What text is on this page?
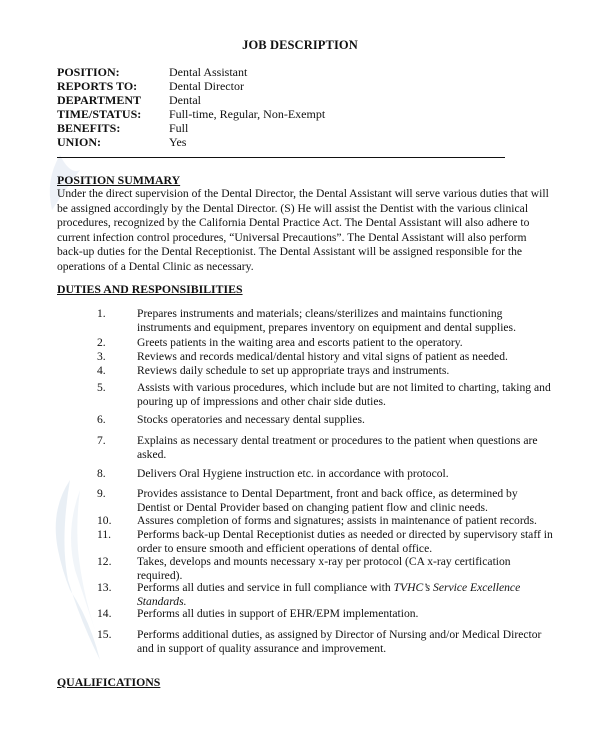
JOB DESCRIPTION
POSITION:	Dental Assistant
REPORTS TO:	Dental Director
DEPARTMENT Dental
TIME/STATUS: Full-time, Regular, Non-Exempt
BENEFITS:	Full
UNION:	Yes
POSITION SUMMARY
Under the direct supervision of the Dental Director, the Dental Assistant will serve various duties that will
be assigned accordingly by the Dental Director. (S) He will assist the Dentist with the various clinical
procedures, recognized by the California Dental Practice Act. The Dental Assistant will also adhere to
current infection control procedures, “Universal Precautions”. The Dental Assistant will also perform
back-up duties for the Dental Receptionist. The Dental Assistant will be assigned responsible for the
operations of a Dental Clinic as necessary.
DUTIES AND RESPONSIBILITIES
1.	Prepares instruments and materials; cleans/sterilizes and maintains functioning
instruments and equipment, prepares inventory on equipment and dental supplies.
2.	Greets patients in the waiting area and escorts patient to the operatory.
3.	Reviews and records medical/dental history and vital signs of patient as needed.
4.	Reviews daily schedule to set up appropriate trays and instruments.
5.	Assists with various procedures, which include but are not limited to charting, taking and
pouring up of impressions and other chair side duties.
6.	Stocks operatories and necessary dental supplies.
7.	Explains as necessary dental treatment or procedures to the patient when questions are
asked.
8.	Delivers Oral Hygiene instruction etc. in accordance with protocol.
9.	Provides assistance to Dental Department, front and back office, as determined by
Dentist or Dental Provider based on changing patient flow and clinic needs.
10.	Assures completion of forms and signatures; assists in maintenance of patient records.
11.	Performs back-up Dental Receptionist duties as needed or directed by supervisory staff in
order to ensure smooth and efficient operations of dental office.
12.	Takes, develops and mounts necessary x-ray per protocol (CA x-ray certification
required).
13.	Performs all duties and service in full compliance with TVHC’s Service Excellence
Standards.
14.	Performs all duties in support of EHR/EPM implementation.
15.	Performs additional duties, as assigned by Director of Nursing and/or Medical Director
and in support of quality assurance and improvement.
QUALIFICATIONS
